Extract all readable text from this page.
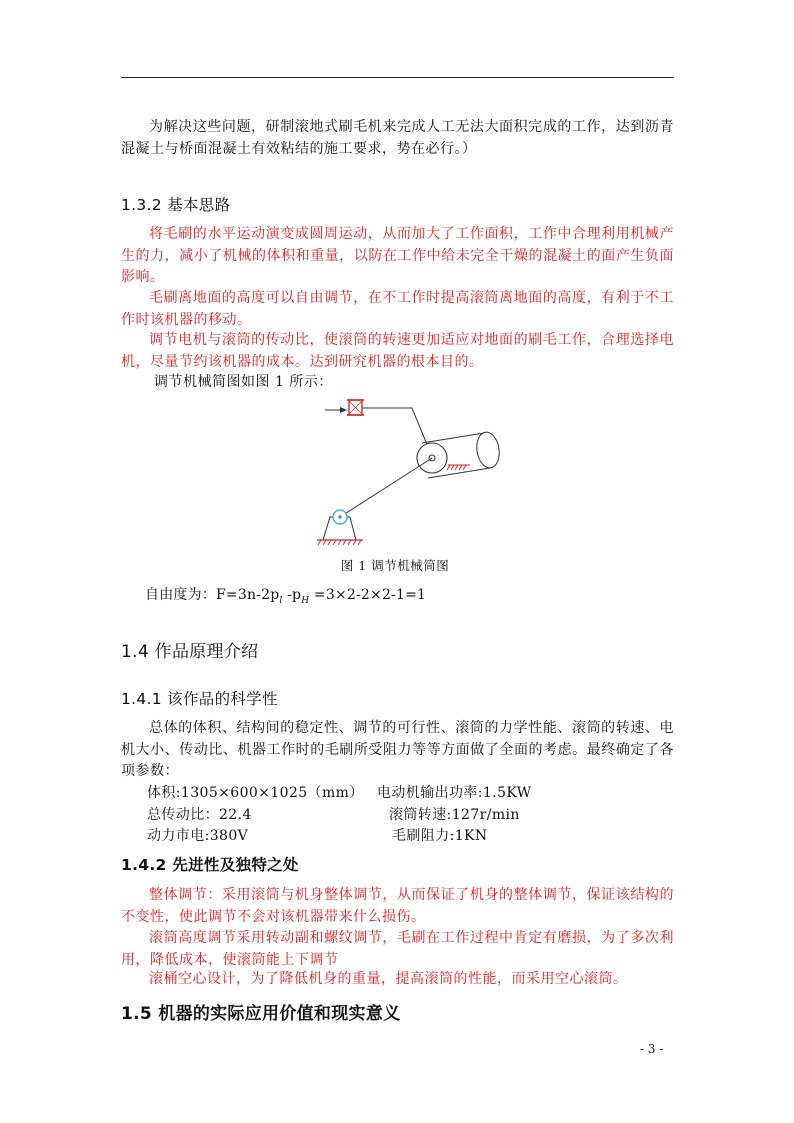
为解决这些问题，研制滚地式刷毛机来完成人工无法大面积完成的工作，达到沥青混凝土与桥面混凝土有效粘结的施工要求，势在必行。）
1.3.2 基本思路
将毛刷的水平运动演变成圆周运动，从而加大了工作面积，工作中合理利用机械产生的力，减小了机械的体积和重量，以防在工作中给未完全干燥的混凝土的面产生负面影响。
毛刷离地面的高度可以自由调节，在不工作时提高滚筒离地面的高度，有利于不工作时该机器的移动。
调节电机与滚筒的传动比，使滚筒的转速更加适应对地面的刷毛工作，合理选择电机，尽量节约该机器的成本。达到研究机器的根本目的。
调节机械简图如图 1 所示：
图 1 调节机械简图
自由度为：$F=3n-2p_l$ $-p_H =3\times 2-2\times 2-1=1$
1.4 作品原理介绍
1.4.1 该作品的科学性
总体的体积、结构间的稳定性、调节的可行性、滚筒的力学性能、滚筒的转速、电机大小、传动比、机器工作时的毛刷所受阻力等等方面做了全面的考虑。最终确定了各项参数：
体积:1305×600×1025（mm） 电动机输出功率:1.5KW
总传动比：22.4	滚筒转速:127r/min
动力市电:380V	毛刷阻力:1KN
1.4.2 先进性及独特之处
整体调节：采用滚筒与机身整体调节，从而保证了机身的整体调节，保证该结构的不变性，使此调节不会对该机器带来什么损伤。
滚筒高度调节采用转动副和螺纹调节，毛刷在工作过程中肯定有磨损，为了多次利用，降低成本，使滚筒能上下调节
滚桶空心设计，为了降低机身的重量，提高滚筒的性能，而采用空心滚筒。
1.5 机器的实际应用价值和现实意义
- 3 -
